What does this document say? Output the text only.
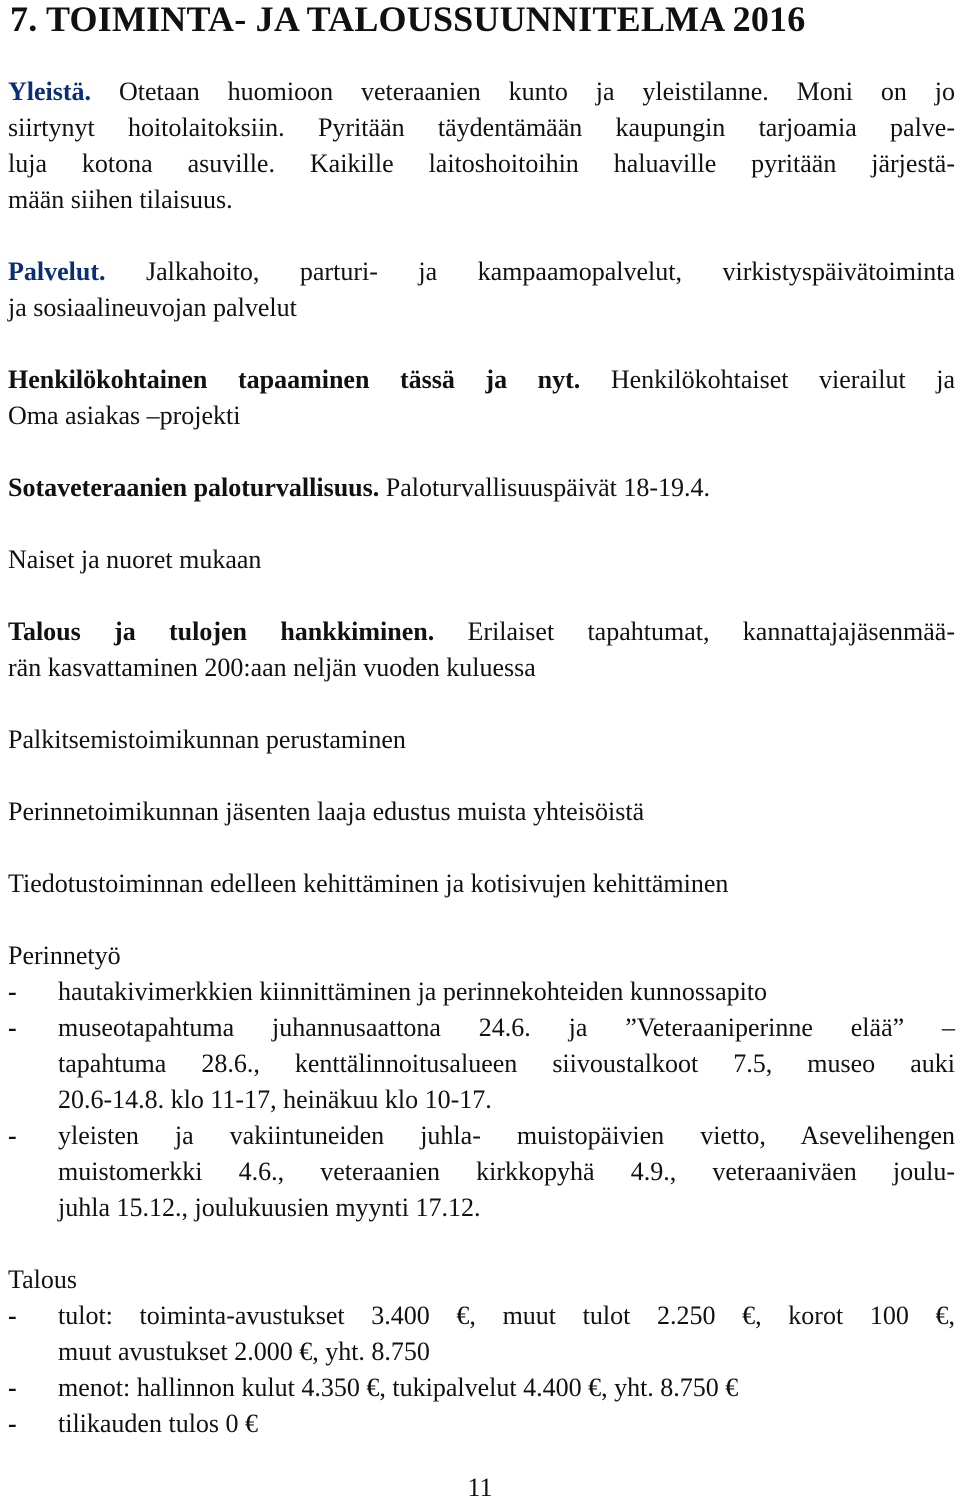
7. TOIMINTA- JA TALOUSSUUNNITELMA 2016

Yleistä. Otetaan huomioon veteraanien kunto ja yleistilanne. Moni on jo

siirtynyt hoitolaitoksiin. Pyritään täydentämään kaupungin tarjoamia palve-

luja kotona asuville. Kaikille laitoshoitoihin haluaville pyritään järjestä-

mään siihen tilaisuus.

Palvelut. Jalkahoito, parturi- ja kampaamopalvelut, virkistyspäivätoiminta

ja sosiaalineuvojan palvelut

Henkilökohtainen tapaaminen tässä ja nyt. Henkilökohtaiset vierailut ja

Oma asiakas –projekti

Sotaveteraanien paloturvallisuus. Paloturvallisuuspäivät 18-19.4.

Naiset ja nuoret mukaan

Talous ja tulojen hankkiminen. Erilaiset tapahtumat, kannattajajäsenmää-

rän kasvattaminen 200:aan neljän vuoden kuluessa

Palkitsemistoimikunnan perustaminen

Perinnetoimikunnan jäsenten laaja edustus muista yhteisöistä

Tiedotustoiminnan edelleen kehittäminen ja kotisivujen kehittäminen

Perinnetyö

- hautakivimerkkien kiinnittäminen ja perinnekohteiden kunnossapito

- museotapahtuma juhannusaattona 24.6. ja ”Veteraaniperinne elää” –

tapahtuma 28.6., kenttälinnoitusalueen siivoustalkoot 7.5, museo auki

20.6-14.8. klo 11-17, heinäkuu klo 10-17.

- yleisten ja vakiintuneiden juhla- muistopäivien vietto, Asevelihengen

muistomerkki 4.6., veteraanien kirkkopyhä 4.9., veteraaniväen joulu-

juhla 15.12., joulukuusien myynti 17.12.

Talous

- tulot: toiminta-avustukset 3.400 €, muut tulot 2.250 €, korot 100 €,

muut avustukset 2.000 €, yht. 8.750

- menot: hallinnon kulut 4.350 €, tukipalvelut 4.400 €, yht. 8.750 €

- tilikauden tulos 0 €

11
